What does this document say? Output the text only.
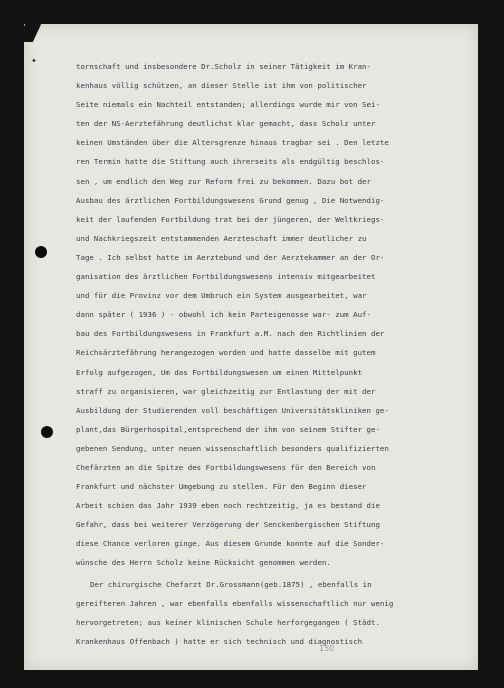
✦
tornschaft und insbesondere Dr.Scholz in seiner Tätigkeit im Kran-
kenhaus völlig schützen, an dieser Stelle ist ihm von politischer
Seite niemals ein Nachteil entstanden; allerdings wurde mir von Sei-
ten der NS-Aerztefährung deutlichst klar gemacht, dass Scholz unter
keinen Umständen über die Altersgrenze hinaus tragbar sei . Den letzte
ren Termin hatte die Stiftung auch ihrerseits als endgültig beschlos-
sen , um endlich den Weg zur Reform frei zu bekommen. Dazu bot der
Ausbau des ärztlichen Fortbildungswesens Grund genug , Die Notwendig-
keit der laufenden Fortbildung trat bei der jüngeren, der Weltkriegs-
und Nachkriegszeit entstammenden Aerzteschaft immer deutlicher zu
Tage . Ich selbst hatte im Aerztebund und der Aerztekammer an der Or-
ganisation des ärztlichen Fortbildungswesens intensiv mitgearbeitet
und für die Provinz vor dem Umbruch ein System ausgearbeitet, war
dann später ( 1936 ) - obwohl ich kein Parteigenosse war- zum Auf-
bau des Fortbildungswesens in Frankfurt a.M. nach den Richtlinien der
Reichsärztefährung herangezogen worden und hatte dasselbe mit gutem
Erfolg aufgezogen, Um das Fortbildungswesen um einen Mittelpunkt
straff zu organisieren, war gleichzeitig zur Entlastung der mit der
Ausbildung der Studierenden voll beschäftigen Universitätskliniken ge-
plant,das Bürgerhospital,entsprechend der ihm von seinem Stifter ge-
gebenen Sendung, unter neuen wissenschaftlich besonders qualifizierten
Chefärzten an die Spitze des Fortbildungswesens für den Bereich von
Frankfurt und nächster Umgebung zu stellen. Für den Beginn dieser
Arbeit schien das Jahr 1939 eben noch rechtzeitig, ja es bestand die
Gefahr, dass bei weiterer Verzögerung der Senckenbergischen Stiftung
diese Chance verloren ginge. Aus diesem Grunde konnte auf die Sonder-
wünsche des Herrn Scholz keine Rücksicht genommen werden.
Der chirurgische Chefarzt Dr.Grossmann(geb.1875) , ebenfalls in
gereifteren Jahren , war ebenfalls ebenfalls wissenschaftlich nur wenig
hervorgetreten; aus keiner klinischen Schule herforgegangen ( Städt.
Krankenhaus Offenbach ) hatte er sich technisch und diagnostisch
150
